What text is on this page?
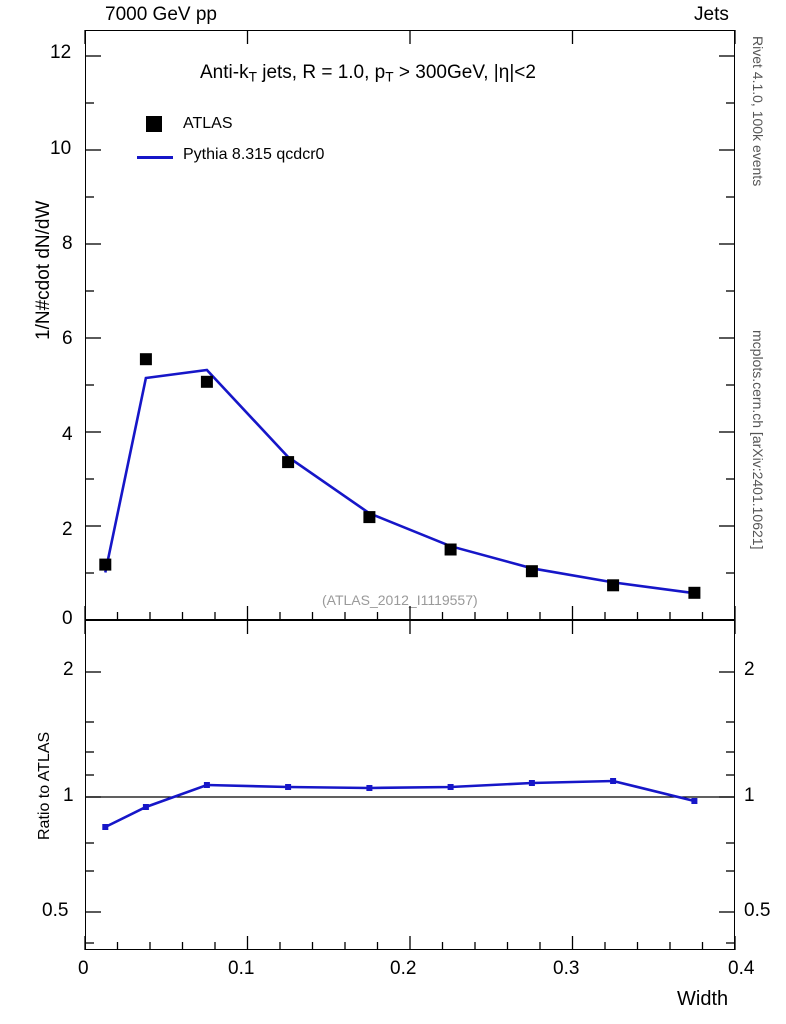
7000 GeV pp	Jets
Rivet 4.1.0, 100k events
mcplots.cern.ch [arXiv:2401.10621]
0
2
4
6
8
10
12
1/N#cdot dN/dW
Anti-$k_T$ jets, R = 1.0, $p_T > 300GeV$, |η|<2
ATLAS
Pythia 8.315 qcdcr0
(ATLAS_2012_I1119557)
0.5
1
2
0.5
1
2
Ratio to ATLAS
0	0.1	0.2	0.3	0.4
Width
